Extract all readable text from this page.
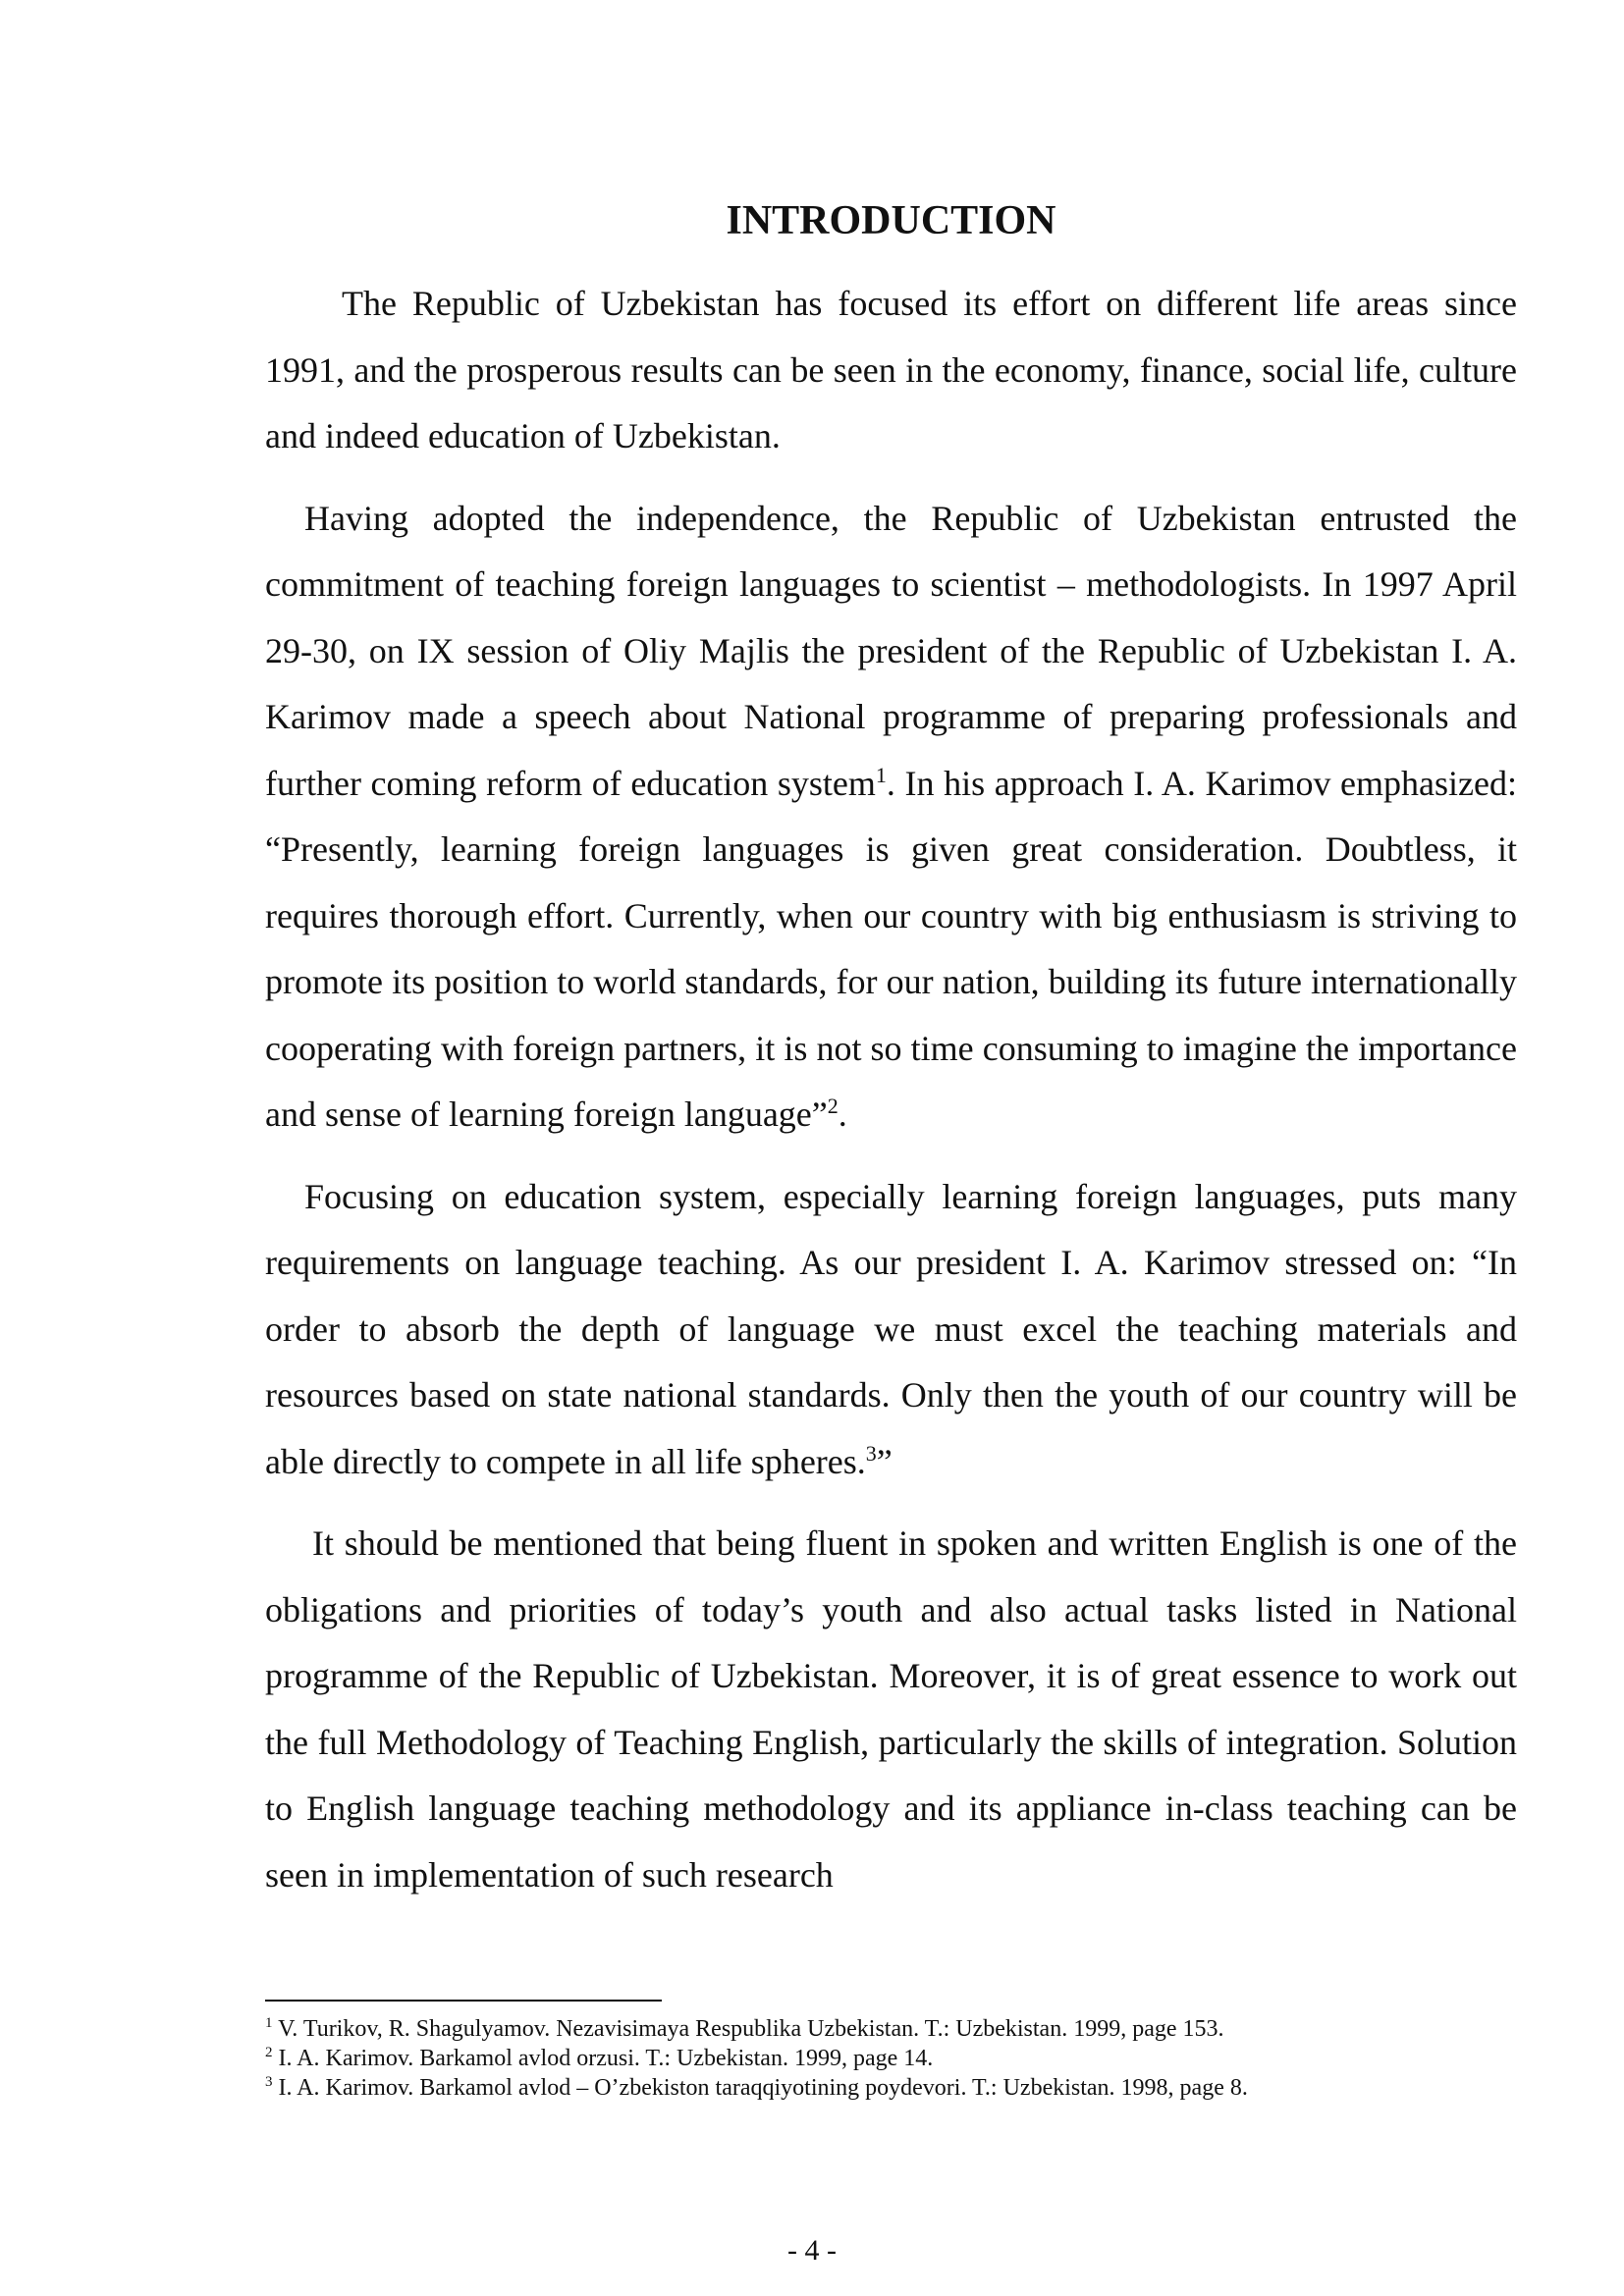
INTRODUCTION

The Republic of Uzbekistan has focused its effort on different life areas since 1991, and the prosperous results can be seen in the economy, finance, social life, culture and indeed education of Uzbekistan.

Having adopted the independence, the Republic of Uzbekistan entrusted the commitment of teaching foreign languages to scientist – methodologists. In 1997 April 29-30, on IX session of Oliy Majlis the president of the Republic of Uzbekistan I. A. Karimov made a speech about National programme of preparing professionals and further coming reform of education system$^1$. In his approach I. A. Karimov emphasized: “Presently, learning foreign languages is given great consideration. Doubtless, it requires thorough effort. Currently, when our country with big enthusiasm is striving to promote its position to world standards, for our nation, building its future internationally cooperating with foreign partners, it is not so time consuming to imagine the importance and sense of learning foreign language”$^2$.

Focusing on education system, especially learning foreign languages, puts many requirements on language teaching. As our president I. A. Karimov stressed on: “In order to absorb the depth of language we must excel the teaching materials and resources based on state national standards. Only then the youth of our country will be able directly to compete in all life spheres.$^3$”

It should be mentioned that being fluent in spoken and written English is one of the obligations and priorities of today’s youth and also actual tasks listed in National programme of the Republic of Uzbekistan. Moreover, it is of great essence to work out the full Methodology of Teaching English, particularly the skills of integration. Solution to English language teaching methodology and its appliance in-class teaching can be seen in implementation of such research

$^1$ V. Turikov, R. Shagulyamov. Nezavisimaya Respublika Uzbekistan. T.: Uzbekistan. 1999, page 153.

$^2$ I. A. Karimov. Barkamol avlod orzusi. T.: Uzbekistan. 1999, page 14.

$^3$ I. A. Karimov. Barkamol avlod – O’zbekiston taraqqiyotining poydevori. T.: Uzbekistan. 1998, page 8.

- 4 -
